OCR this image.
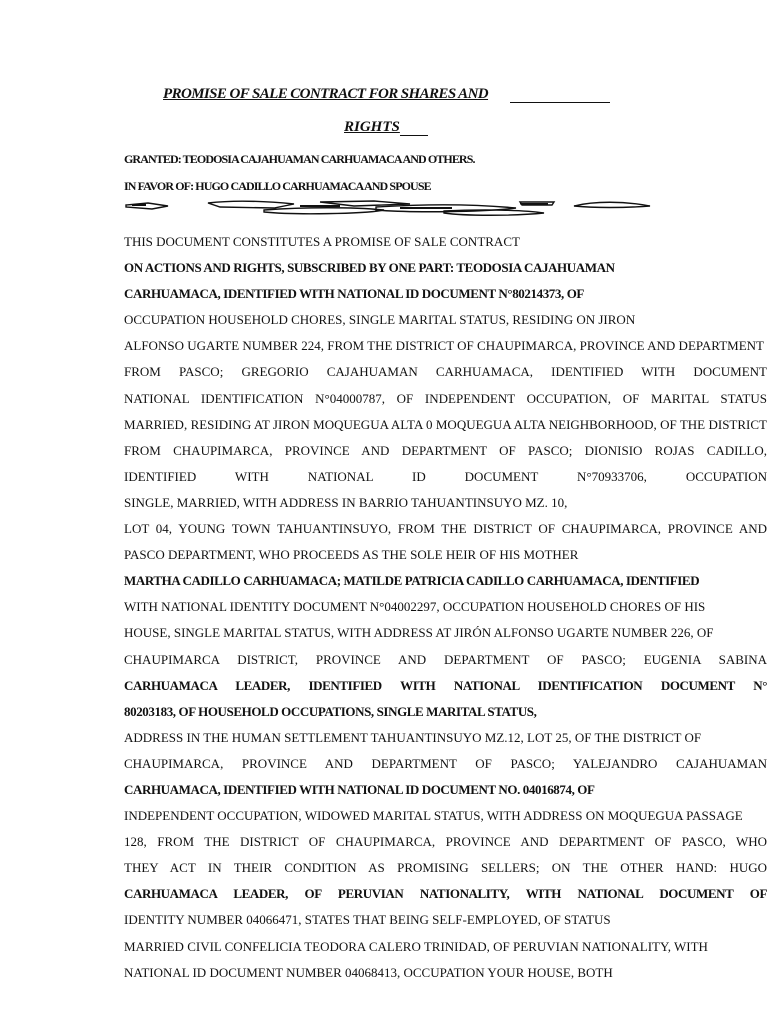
PROMISE OF SALE CONTRACT FOR SHARES AND
RIGHTS
GRANTED: TEODOSIA CAJAHUAMAN CARHUAMACA AND OTHERS.
IN FAVOR OF: HUGO CADILLO CARHUAMACA AND SPOUSE
THIS DOCUMENT CONSTITUTES A PROMISE OF SALE CONTRACT
ON ACTIONS AND RIGHTS, SUBSCRIBED BY ONE PART: TEODOSIA CAJAHUAMAN
CARHUAMACA, IDENTIFIED WITH NATIONAL ID DOCUMENT N°80214373, OF
OCCUPATION HOUSEHOLD CHORES, SINGLE MARITAL STATUS, RESIDING ON JIRON
ALFONSO UGARTE NUMBER 224, FROM THE DISTRICT OF CHAUPIMARCA, PROVINCE AND DEPARTMENT
FROM PASCO; GREGORIO CAJAHUAMAN CARHUAMACA, IDENTIFIED WITH DOCUMENT
NATIONAL IDENTIFICATION N°04000787, OF INDEPENDENT OCCUPATION, OF MARITAL STATUS
MARRIED, RESIDING AT JIRON MOQUEGUA ALTA 0 MOQUEGUA ALTA NEIGHBORHOOD, OF THE DISTRICT
FROM CHAUPIMARCA, PROVINCE AND DEPARTMENT OF PASCO; DIONISIO ROJAS CADILLO,
IDENTIFIED WITH NATIONAL ID DOCUMENT N°70933706, OCCUPATION
SINGLE, MARRIED, WITH ADDRESS IN BARRIO TAHUANTINSUYO MZ. 10,
LOT 04, YOUNG TOWN TAHUANTINSUYO, FROM THE DISTRICT OF CHAUPIMARCA, PROVINCE AND
PASCO DEPARTMENT, WHO PROCEEDS AS THE SOLE HEIR OF HIS MOTHER
MARTHA CADILLO CARHUAMACA; MATILDE PATRICIA CADILLO CARHUAMACA, IDENTIFIED
WITH NATIONAL IDENTITY DOCUMENT N°04002297, OCCUPATION HOUSEHOLD CHORES OF HIS
HOUSE, SINGLE MARITAL STATUS, WITH ADDRESS AT JIRÓN ALFONSO UGARTE NUMBER 226, OF
CHAUPIMARCA DISTRICT, PROVINCE AND DEPARTMENT OF PASCO; EUGENIA SABINA
CARHUAMACA LEADER, IDENTIFIED WITH NATIONAL IDENTIFICATION DOCUMENT N°
80203183, OF HOUSEHOLD OCCUPATIONS, SINGLE MARITAL STATUS,
ADDRESS IN THE HUMAN SETTLEMENT TAHUANTINSUYO MZ.12, LOT 25, OF THE DISTRICT OF
CHAUPIMARCA, PROVINCE AND DEPARTMENT OF PASCO; YALEJANDRO CAJAHUAMAN
CARHUAMACA, IDENTIFIED WITH NATIONAL ID DOCUMENT NO. 04016874, OF
INDEPENDENT OCCUPATION, WIDOWED MARITAL STATUS, WITH ADDRESS ON MOQUEGUA PASSAGE
128, FROM THE DISTRICT OF CHAUPIMARCA, PROVINCE AND DEPARTMENT OF PASCO, WHO
THEY ACT IN THEIR CONDITION AS PROMISING SELLERS; ON THE OTHER HAND: HUGO
CARHUAMACA LEADER, OF PERUVIAN NATIONALITY, WITH NATIONAL DOCUMENT OF
IDENTITY NUMBER 04066471, STATES THAT BEING SELF-EMPLOYED, OF STATUS
MARRIED CIVIL CONFELICIA TEODORA CALERO TRINIDAD, OF PERUVIAN NATIONALITY, WITH
NATIONAL ID DOCUMENT NUMBER 04068413, OCCUPATION YOUR HOUSE, BOTH
